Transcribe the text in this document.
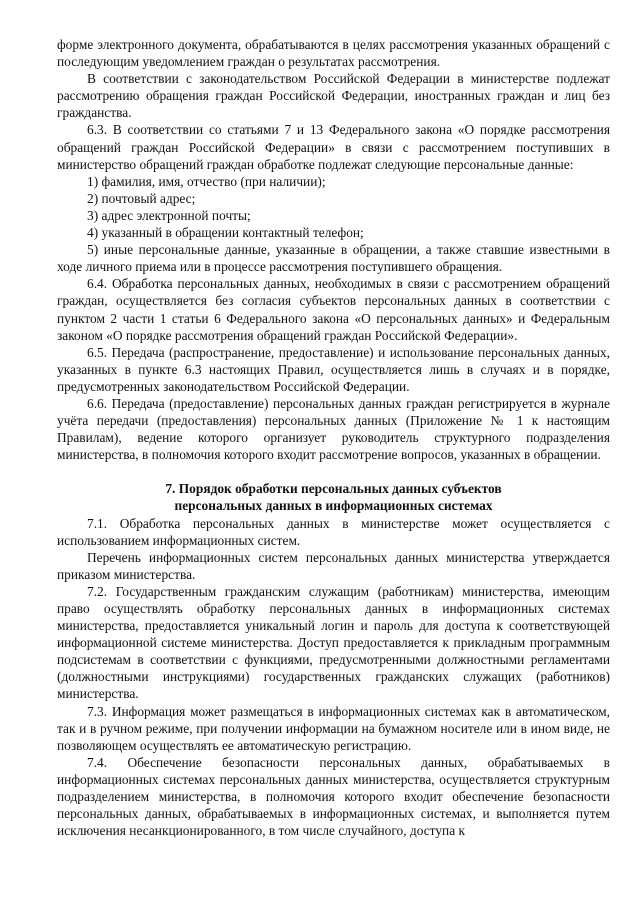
форме электронного документа, обрабатываются в целях рассмотрения указанных обращений с последующим уведомлением граждан о результатах рассмотрения.

В соответствии с законодательством Российской Федерации в министерстве подлежат рассмотрению обращения граждан Российской Федерации, иностранных граждан и лиц без гражданства.

6.3. В соответствии со статьями 7 и 13 Федерального закона «О порядке рассмотрения обращений граждан Российской Федерации» в связи с рассмотрением поступивших в министерство обращений граждан обработке подлежат следующие персональные данные:

1) фамилия, имя, отчество (при наличии);

2) почтовый адрес;

3) адрес электронной почты;

4) указанный в обращении контактный телефон;

5) иные персональные данные, указанные в обращении, а также ставшие известными в ходе личного приема или в процессе рассмотрения поступившего обращения.

6.4. Обработка персональных данных, необходимых в связи с рассмотрением обращений граждан, осуществляется без согласия субъектов персональных данных в соответствии с пунктом 2 части 1 статьи 6 Федерального закона «О персональных данных» и Федеральным законом «О порядке рассмотрения обращений граждан Российской Федерации».

6.5. Передача (распространение, предоставление) и использование персональных данных, указанных в пункте 6.3 настоящих Правил, осуществляется лишь в случаях и в порядке, предусмотренных законодательством Российской Федерации.

6.6. Передача (предоставление) персональных данных граждан регистрируется в журнале учёта передачи (предоставления) персональных данных (Приложение № 1 к настоящим Правилам), ведение которого организует руководитель структурного подразделения министерства, в полномочия которого входит рассмотрение вопросов, указанных в обращении.

7. Порядок обработки персональных данных субъектов
персональных данных в информационных системах

7.1. Обработка персональных данных в министерстве может осуществляется с использованием информационных систем.

Перечень информационных систем персональных данных министерства утверждается приказом министерства.

7.2. Государственным гражданским служащим (работникам) министерства, имеющим право осуществлять обработку персональных данных в информационных системах министерства, предоставляется уникальный логин и пароль для доступа к соответствующей информационной системе министерства. Доступ предоставляется к прикладным программным подсистемам в соответствии с функциями, предусмотренными должностными регламентами (должностными инструкциями) государственных гражданских служащих (работников) министерства.

7.3. Информация может размещаться в информационных системах как в автоматическом, так и в ручном режиме, при получении информации на бумажном носителе или в ином виде, не позволяющем осуществлять ее автоматическую регистрацию.

7.4. Обеспечение безопасности персональных данных, обрабатываемых в информационных системах персональных данных министерства, осуществляется структурным подразделением министерства, в полномочия которого входит обеспечение безопасности персональных данных, обрабатываемых в информационных системах, и выполняется путем исключения несанкционированного, в том числе случайного, доступа к
